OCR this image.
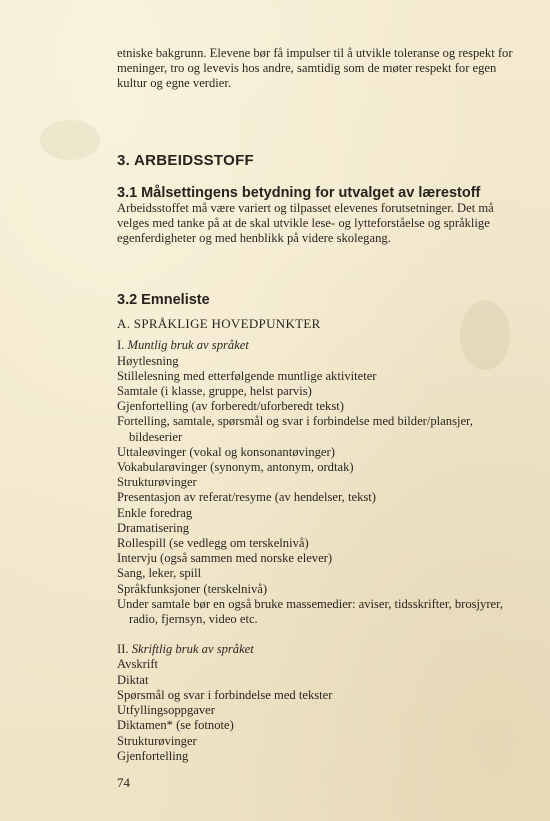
etniske bakgrunn. Elevene bør få impulser til å utvikle toleranse og respekt for meninger, tro og levevis hos andre, samtidig som de møter respekt for egen kultur og egne verdier.

3. ARBEIDSSTOFF
3.1 Målsettingens betydning for utvalget av lærestoff

Arbeidsstoffet må være variert og tilpasset elevenes forutsetninger. Det må velges med tanke på at de skal utvikle lese- og lytteforståelse og språklige egenferdigheter og med henblikk på videre skolegang.

3.2 Emneliste
A. SPRÅKLIGE HOVEDPUNKTER
I. Muntlig bruk av språket
Høytlesning
Stillelesning med etterfølgende muntlige aktiviteter
Samtale (i klasse, gruppe, helst parvis)
Gjenfortelling (av forberedt/uforberedt tekst)
Fortelling, samtale, spørsmål og svar i forbindelse med bilder/plansjer, bildeserier
Uttaleøvinger (vokal og konsonantøvinger)
Vokabularøvinger (synonym, antonym, ordtak)
Strukturøvinger
Presentasjon av referat/resyme (av hendelser, tekst)
Enkle foredrag
Dramatisering
Rollespill (se vedlegg om terskelnivå)
Intervju (også sammen med norske elever)
Sang, leker, spill
Språkfunksjoner (terskelnivå)
Under samtale bør en også bruke massemedier: aviser, tidsskrifter, brosjyrer, radio, fjernsyn, video etc.
II. Skriftlig bruk av språket
Avskrift
Diktat
Spørsmål og svar i forbindelse med tekster
Utfyllingsoppgaver
Diktamen* (se fotnote)
Strukturøvinger
Gjenfortelling
74
